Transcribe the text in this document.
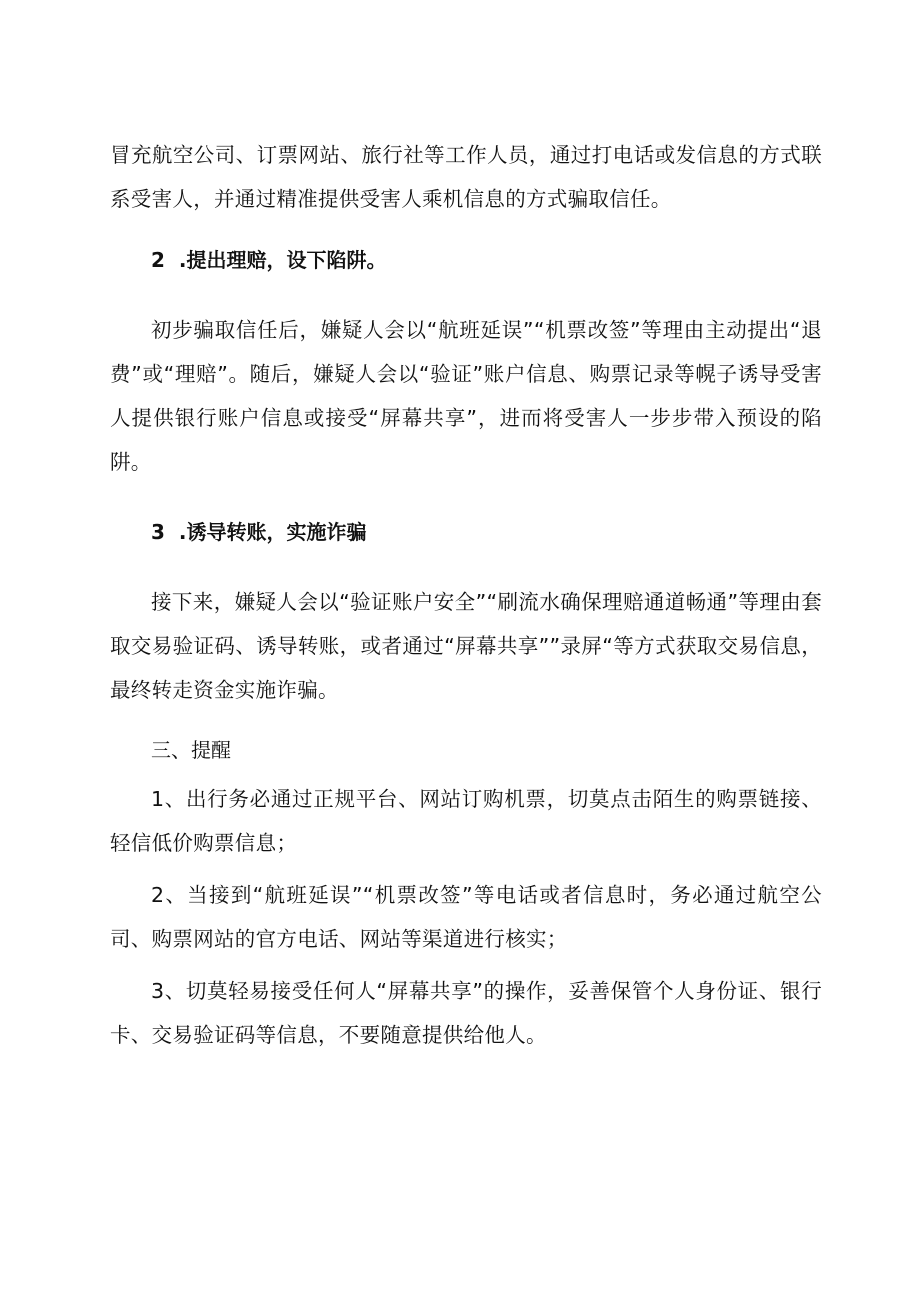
冒充航空公司、订票网站、旅行社等工作人员，通过打电话或发信息的方式联系受害人，并通过精准提供受害人乘机信息的方式骗取信任。

2 .提出理赔，设下陷阱。

初步骗取信任后，嫌疑人会以“航班延误”“机票改签”等理由主动提出“退费”或“理赔”。随后，嫌疑人会以“验证”账户信息、购票记录等幌子诱导受害人提供银行账户信息或接受“屏幕共享”，进而将受害人一步步带入预设的陷阱。

3 .诱导转账，实施诈骗

接下来，嫌疑人会以“验证账户安全”“刷流水确保理赔通道畅通”等理由套取交易验证码、诱导转账，或者通过“屏幕共享””录屏“等方式获取交易信息，最终转走资金实施诈骗。

三、提醒

1、出行务必通过正规平台、网站订购机票，切莫点击陌生的购票链接、轻信低价购票信息；

2、当接到“航班延误”“机票改签”等电话或者信息时，务必通过航空公司、购票网站的官方电话、网站等渠道进行核实；

3、切莫轻易接受任何人“屏幕共享”的操作，妥善保管个人身份证、银行卡、交易验证码等信息，不要随意提供给他人。
